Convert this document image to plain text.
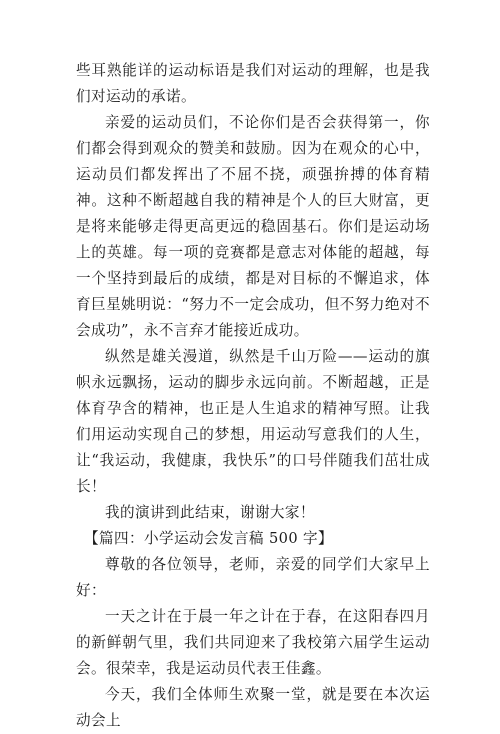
些耳熟能详的运动标语是我们对运动的理解，也是我们对运动的承诺。

亲爱的运动员们，不论你们是否会获得第一，你们都会得到观众的赞美和鼓励。因为在观众的心中，运动员们都发挥出了不屈不挠，顽强拚搏的体育精神。这种不断超越自我的精神是个人的巨大财富，更是将来能够走得更高更远的稳固基石。你们是运动场上的英雄。每一项的竞赛都是意志对体能的超越，每一个坚持到最后的成绩，都是对目标的不懈追求，体育巨星姚明说：“努力不一定会成功，但不努力绝对不会成功”，永不言弃才能接近成功。

纵然是雄关漫道，纵然是千山万险——运动的旗帜永远飘扬，运动的脚步永远向前。不断超越，正是体育孕含的精神，也正是人生追求的精神写照。让我们用运动实现自己的梦想，用运动写意我们的人生，让“我运动，我健康，我快乐”的口号伴随我们茁壮成长！

我的演讲到此结束，谢谢大家！

【篇四：小学运动会发言稿 500 字】

尊敬的各位领导，老师，亲爱的同学们大家早上好：

一天之计在于晨一年之计在于春，在这阳春四月的新鲜朝气里，我们共同迎来了我校第六届学生运动会。很荣幸，我是运动员代表王佳鑫。

今天，我们全体师生欢聚一堂，就是要在本次运动会上
